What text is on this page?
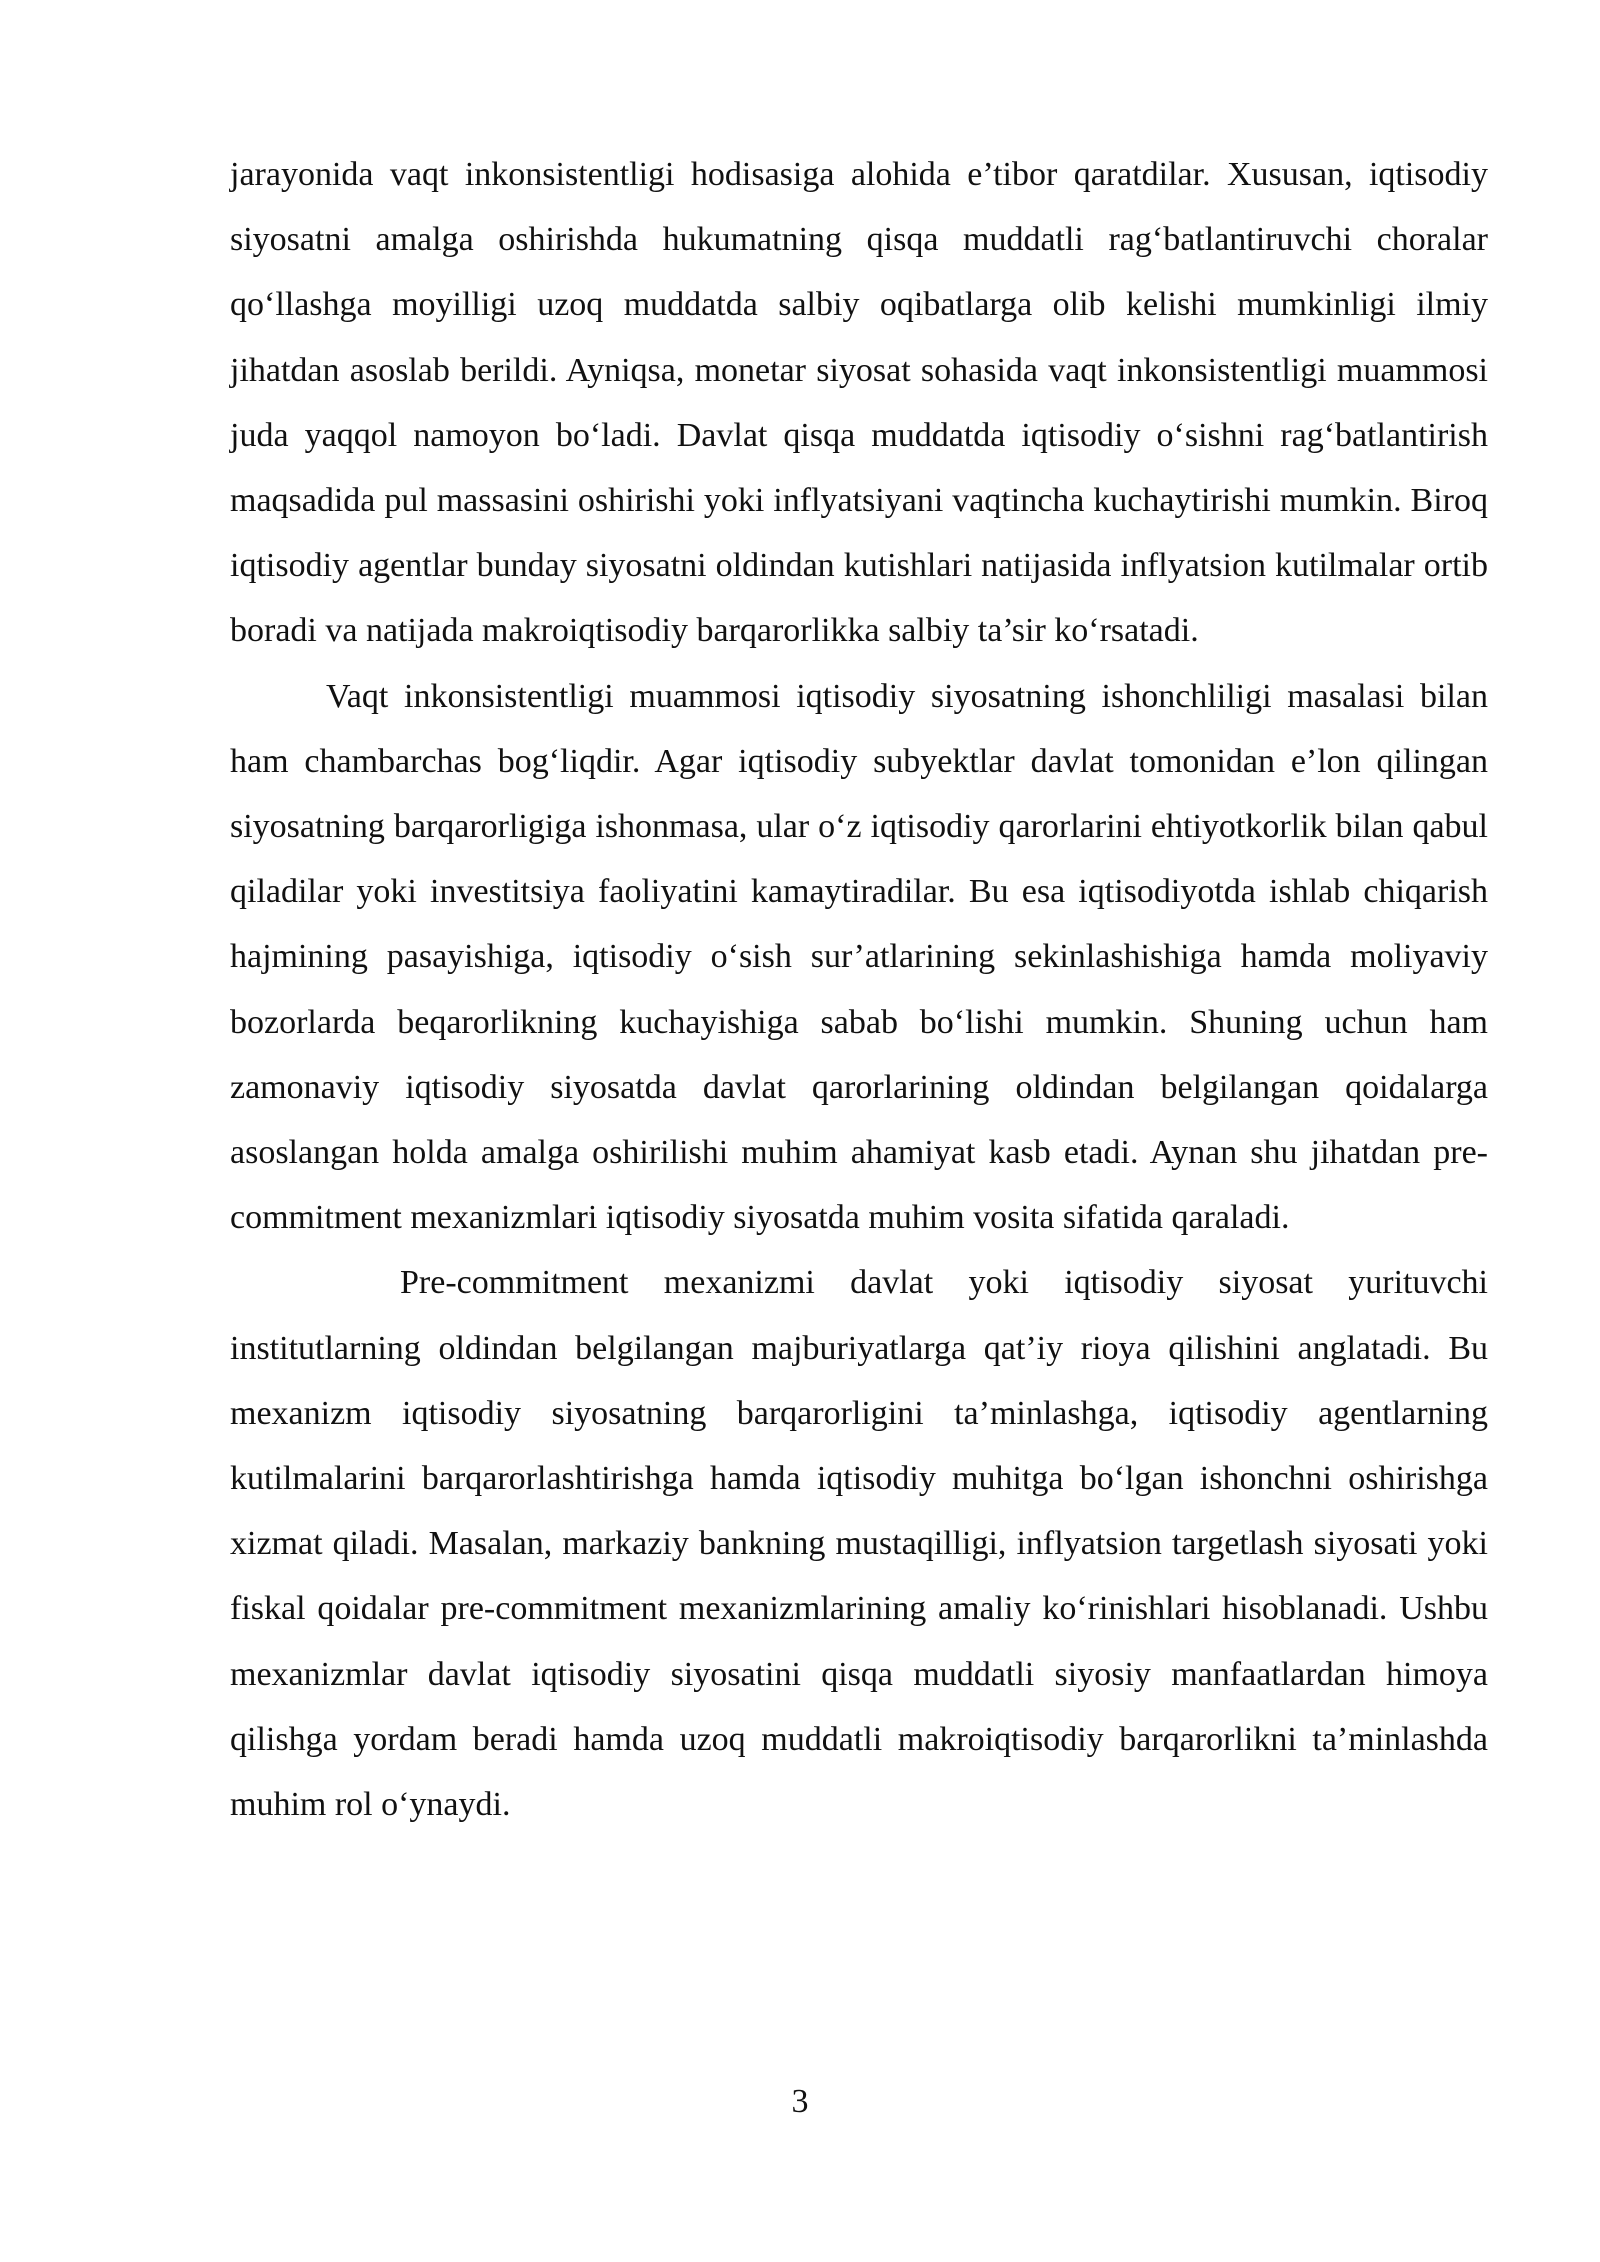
jarayonida vaqt inkonsistentligi hodisasiga alohida e’tibor qaratdilar. Xususan, iqtisodiy siyosatni amalga oshirishda hukumatning qisqa muddatli rag‘batlantiruvchi choralar qo‘llashga moyilligi uzoq muddatda salbiy oqibatlarga olib kelishi mumkinligi ilmiy jihatdan asoslab berildi. Ayniqsa, monetar siyosat sohasida vaqt inkonsistentligi muammosi juda yaqqol namoyon bo‘ladi. Davlat qisqa muddatda iqtisodiy o‘sishni rag‘batlantirish maqsadida pul massasini oshirishi yoki inflyatsiyani vaqtincha kuchaytirishi mumkin. Biroq iqtisodiy agentlar bunday siyosatni oldindan kutishlari natijasida inflyatsion kutilmalar ortib boradi va natijada makroiqtisodiy barqarorlikka salbiy ta’sir ko‘rsatadi.

Vaqt inkonsistentligi muammosi iqtisodiy siyosatning ishonchliligi masalasi bilan ham chambarchas bog‘liqdir. Agar iqtisodiy subyektlar davlat tomonidan e’lon qilingan siyosatning barqarorligiga ishonmasa, ular o‘z iqtisodiy qarorlarini ehtiyotkorlik bilan qabul qiladilar yoki investitsiya faoliyatini kamaytiradilar. Bu esa iqtisodiyotda ishlab chiqarish hajmining pasayishiga, iqtisodiy o‘sish sur’atlarining sekinlashishiga hamda moliyaviy bozorlarda beqarorlikning kuchayishiga sabab bo‘lishi mumkin. Shuning uchun ham zamonaviy iqtisodiy siyosatda davlat qarorlarining oldindan belgilangan qoidalarga asoslangan holda amalga oshirilishi muhim ahamiyat kasb etadi. Aynan shu jihatdan pre-commitment mexanizmlari iqtisodiy siyosatda muhim vosita sifatida qaraladi.

Pre-commitment mexanizmi davlat yoki iqtisodiy siyosat yurituvchi institutlarning oldindan belgilangan majburiyatlarga qat’iy rioya qilishini anglatadi. Bu mexanizm iqtisodiy siyosatning barqarorligini ta’minlashga, iqtisodiy agentlarning kutilmalarini barqarorlashtirishga hamda iqtisodiy muhitga bo‘lgan ishonchni oshirishga xizmat qiladi. Masalan, markaziy bankning mustaqilligi, inflyatsion targetlash siyosati yoki fiskal qoidalar pre-commitment mexanizmlarining amaliy ko‘rinishlari hisoblanadi. Ushbu mexanizmlar davlat iqtisodiy siyosatini qisqa muddatli siyosiy manfaatlardan himoya qilishga yordam beradi hamda uzoq muddatli makroiqtisodiy barqarorlikni ta’minlashda muhim rol o‘ynaydi.

3
